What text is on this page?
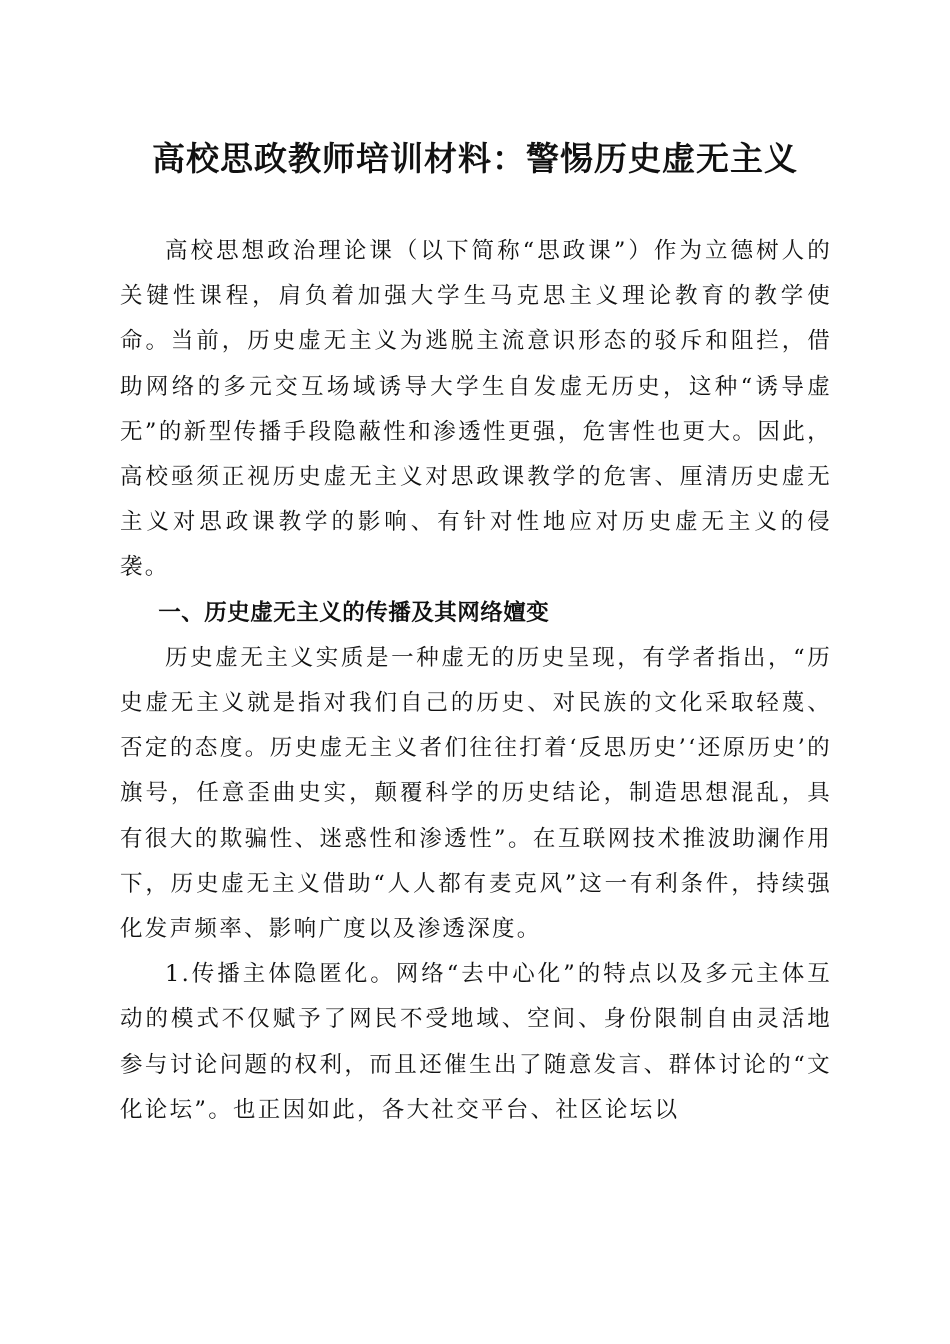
高校思政教师培训材料：警惕历史虚无主义

高校思想政治理论课（以下简称“思政课”）作为立德树人的关键性课程，肩负着加强大学生马克思主义理论教育的教学使命。当前，历史虚无主义为逃脱主流意识形态的驳斥和阻拦，借助网络的多元交互场域诱导大学生自发虚无历史，这种“诱导虚无”的新型传播手段隐蔽性和渗透性更强，危害性也更大。因此，高校亟须正视历史虚无主义对思政课教学的危害、厘清历史虚无主义对思政课教学的影响、有针对性地应对历史虚无主义的侵袭。

一、历史虚无主义的传播及其网络嬗变

历史虚无主义实质是一种虚无的历史呈现，有学者指出，“历史虚无主义就是指对我们自己的历史、对民族的文化采取轻蔑、否定的态度。历史虚无主义者们往往打着‘反思历史’‘还原历史’的旗号，任意歪曲史实，颠覆科学的历史结论，制造思想混乱，具有很大的欺骗性、迷惑性和渗透性”。在互联网技术推波助澜作用下，历史虚无主义借助“人人都有麦克风”这一有利条件，持续强化发声频率、影响广度以及渗透深度。

1.传播主体隐匿化。网络“去中心化”的特点以及多元主体互动的模式不仅赋予了网民不受地域、空间、身份限制自由灵活地参与讨论问题的权利，而且还催生出了随意发言、群体讨论的“文化论坛”。也正因如此，各大社交平台、社区论坛以
